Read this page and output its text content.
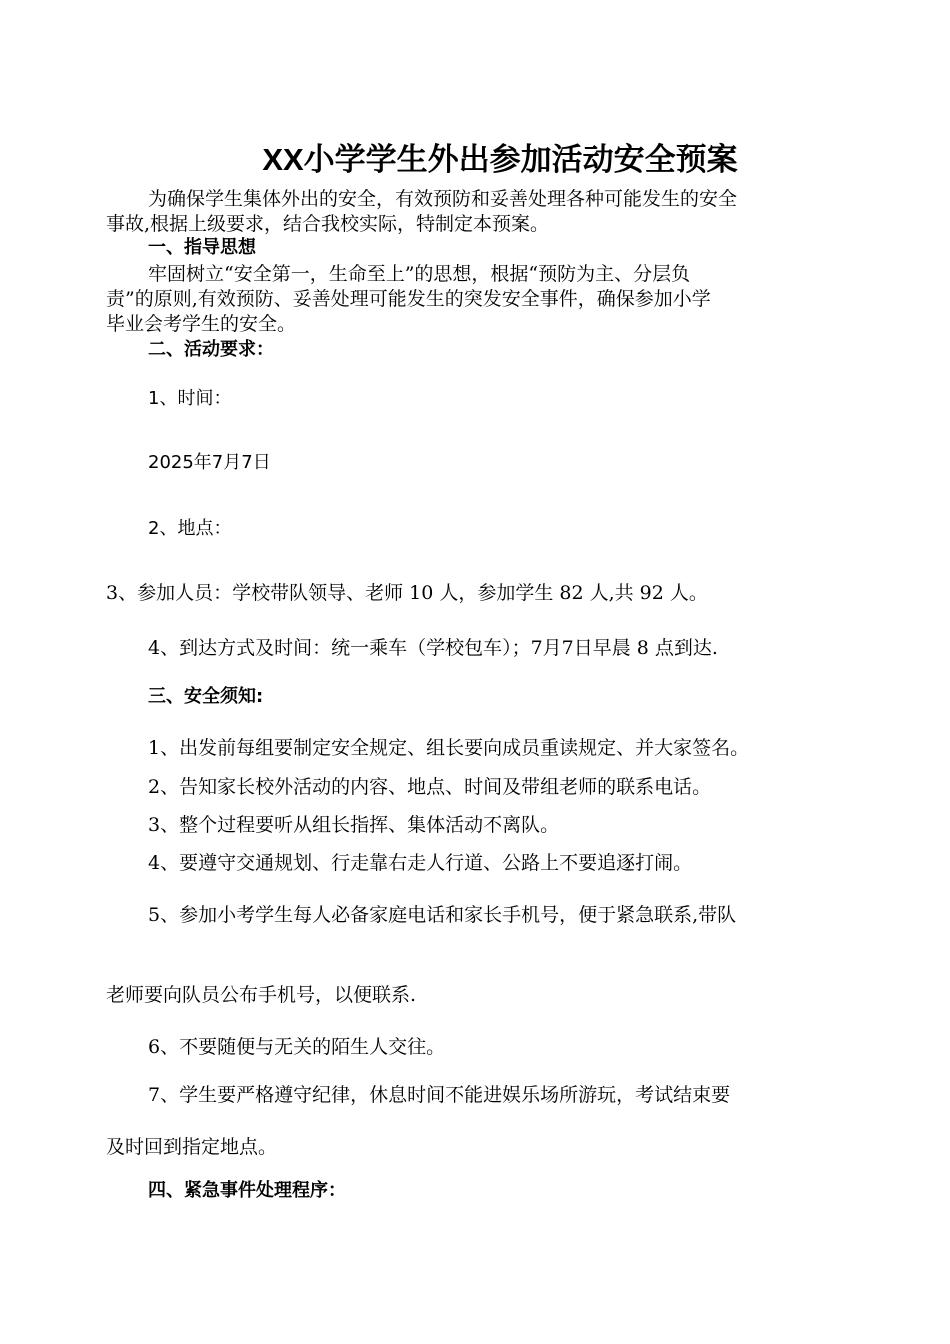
XX小学学生外出参加活动安全预案
为确保学生集体外出的安全，有效预防和妥善处理各种可能发生的安全
事故,根据上级要求，结合我校实际，特制定本预案。
一、指导思想
牢固树立“安全第一，生命至上”的思想，根据“预防为主、分层负
责”的原则,有效预防、妥善处理可能发生的突发安全事件，确保参加小学
毕业会考学生的安全。
二、活动要求：
1、时间：
2025年7月7日
2、地点：
3、参加人员：学校带队领导、老师 10 人，参加学生 82 人,共 92 人。
4、到达方式及时间：统一乘车（学校包车）；7月7日早晨 8 点到达.
三、安全须知:
1、出发前每组要制定安全规定、组长要向成员重读规定、并大家签名。
2、告知家长校外活动的内容、地点、时间及带组老师的联系电话。
3、整个过程要听从组长指挥、集体活动不离队。
4、要遵守交通规划、行走靠右走人行道、公路上不要追逐打闹。
5、参加小考学生每人必备家庭电话和家长手机号，便于紧急联系,带队
老师要向队员公布手机号，以便联系.
6、不要随便与无关的陌生人交往。
7、学生要严格遵守纪律，休息时间不能进娱乐场所游玩，考试结束要
及时回到指定地点。
四、紧急事件处理程序：
